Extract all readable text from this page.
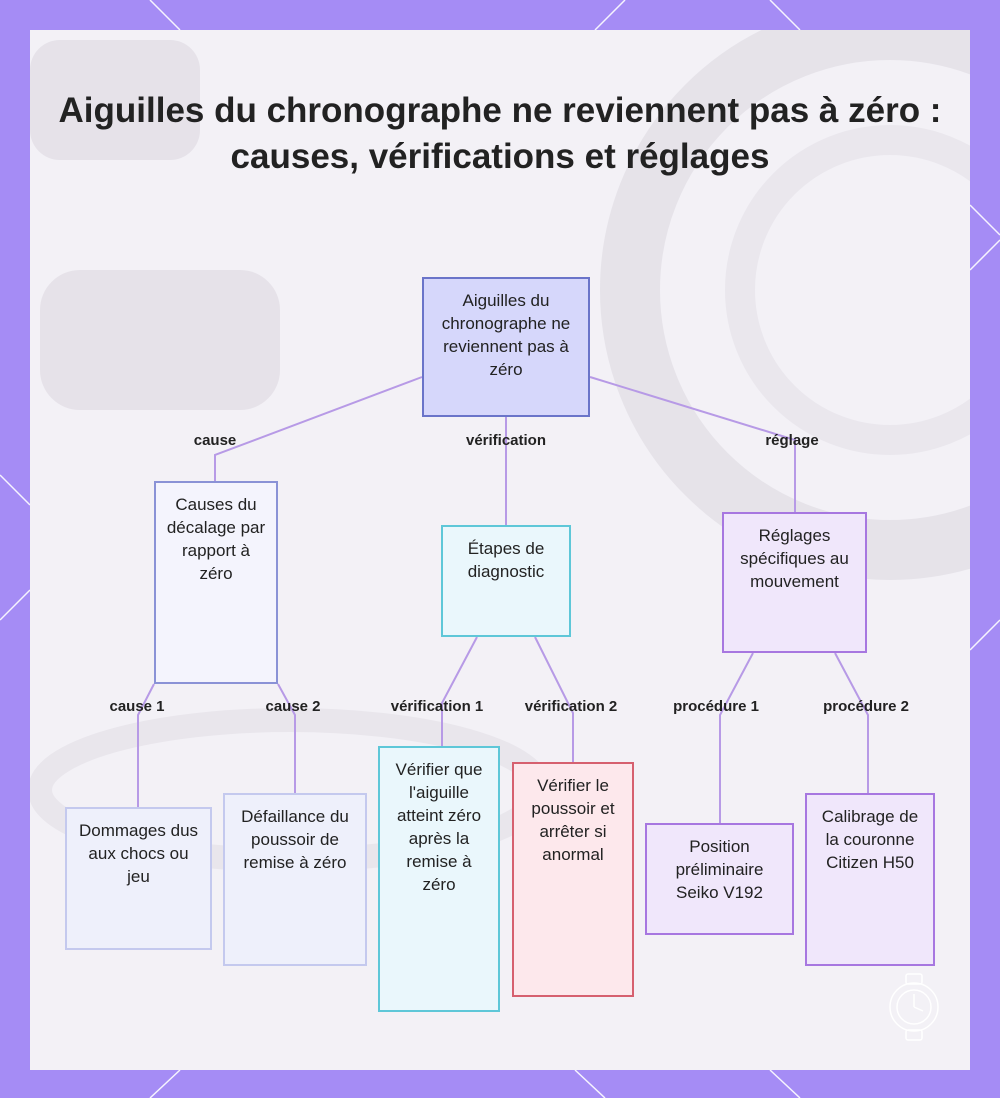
Aiguilles du chronographe ne reviennent pas à zéro : causes, vérifications et réglages
Aiguilles du chronographe ne reviennent pas à zéro
Causes du décalage par rapport à zéro
Étapes de diagnostic
Réglages spécifiques au mouvement
Dommages dus aux chocs ou jeu
Défaillance du poussoir de remise à zéro
Vérifier que l'aiguille atteint zéro après la remise à zéro
Vérifier le poussoir et arrêter si anormal	Position préliminaire Seiko V192
Calibrage de la couronne Citizen H50
cause	vérification	réglage
cause 1	cause 2	vérification 1	vérification 2	procédure 1	procédure 2
